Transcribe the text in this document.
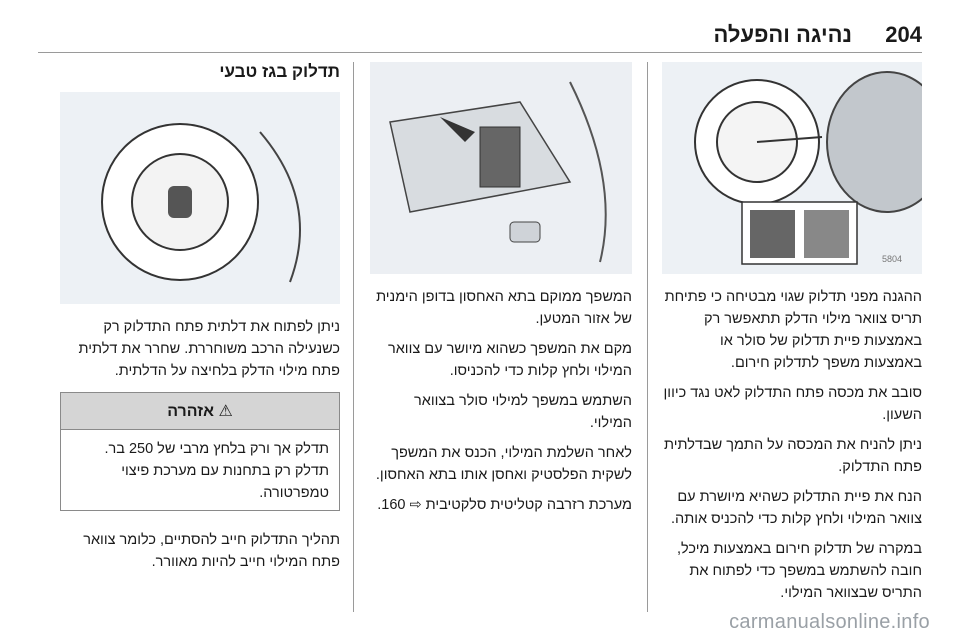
204
נהיגה והפעלה
5804

ההגנה מפני תדלוק שגוי מבטיחה כי פתיחת תריס צוואר מילוי הדלק תתאפשר רק באמצעות פיית תדלוק של סולר או באמצעות משפך לתדלוק חירום.

סובב את מכסה פתח התדלוק לאט נגד כיוון השעון.

ניתן להניח את המכסה על התמך שבדלתית פתח התדלוק.

הנח את פיית התדלוק כשהיא מיושרת עם צוואר המילוי ולחץ קלות כדי להכניס אותה.

במקרה של תדלוק חירום באמצעות מיכל, חובה להשתמש במשפך כדי לפתוח את התריס שבצוואר המילוי.

המשפך ממוקם בתא האחסון בדופן הימנית של אזור המטען.

מקם את המשפך כשהוא מיושר עם צוואר המילוי ולחץ קלות כדי להכניסו.

השתמש במשפך למילוי סולר בצוואר המילוי.

לאחר השלמת המילוי, הכנס את המשפך לשקית הפלסטיק ואחסן אותו בתא האחסון.

מערכת רזרבה קטליטית סלקטיבית ⇨ 160.

תדלוק בגז טבעי

ניתן לפתוח את דלתית פתח התדלוק רק כשנעילה הרכב משוחררת. שחרר את דלתית פתח מילוי הדלק בלחיצה על הדלתית.

⚠ אזהרה

תדלק אך ורק בלחץ מרבי של 250 בר. תדלק רק בתחנות עם מערכת פיצוי טמפרטורה.

תהליך התדלוק חייב להסתיים, כלומר צוואר פתח המילוי חייב להיות מאוורר.

carmanualsonline.info
